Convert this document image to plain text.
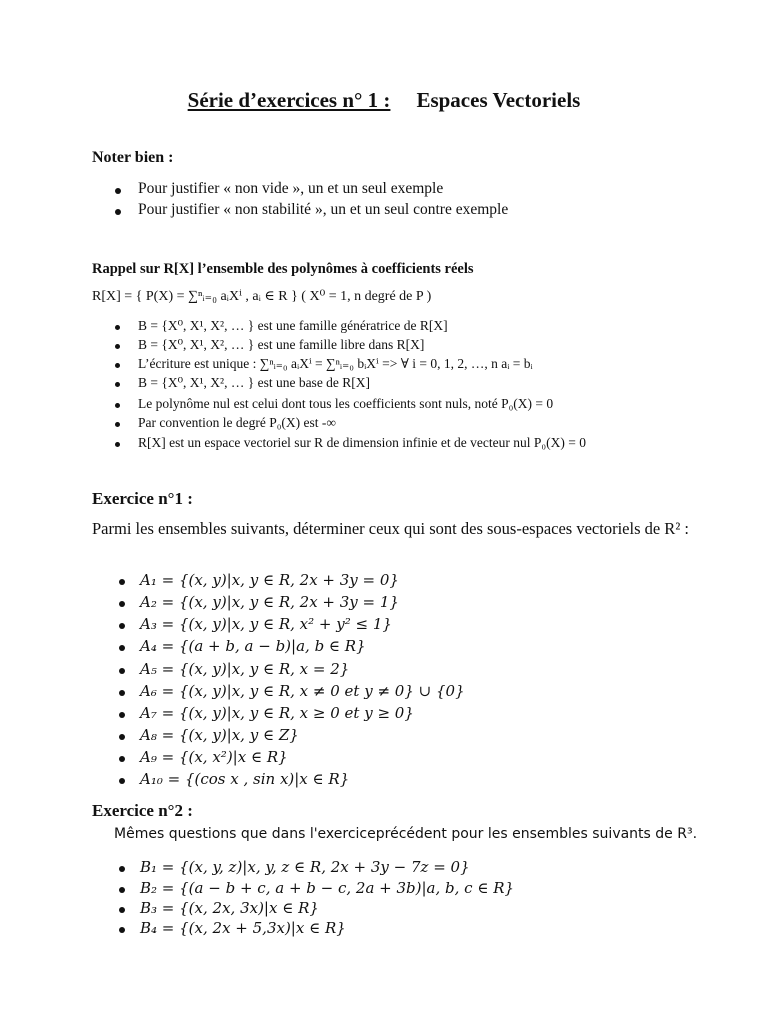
Série d’exercices n° 1 : Espaces Vectoriels
Noter bien :
Pour justifier « non vide », un et un seul exemple
Pour justifier « non stabilité », un et un seul contre exemple
Rappel sur R[X] l’ensemble des polynômes à coefficients réels
R[X] = { P(X) = ∑ⁿᵢ₌₀ aᵢXⁱ , aᵢ ∈ R } ( X⁰ = 1, n degré de P )
B = {X⁰, X¹, X², … } est une famille génératrice de R[X]
B = {X⁰, X¹, X², … } est une famille libre dans R[X]
L’écriture est unique : ∑ⁿᵢ₌₀ aᵢXⁱ = ∑ⁿᵢ₌₀ bᵢXⁱ => ∀ i = 0, 1, 2, …, n aᵢ = bᵢ
B = {X⁰, X¹, X², … } est une base de R[X]
Le polynôme nul est celui dont tous les coefficients sont nuls, noté P₀(X) = 0
Par convention le degré P₀(X) est -∞
R[X] est un espace vectoriel sur R de dimension infinie et de vecteur nul P₀(X) = 0
Exercice n°1 :
Parmi les ensembles suivants, déterminer ceux qui sont des sous-espaces vectoriels de R² :
A₁ = {(x, y)|x, y ∈ R, 2x + 3y = 0}
A₂ = {(x, y)|x, y ∈ R, 2x + 3y = 1}
A₃ = {(x, y)|x, y ∈ R, x² + y² ≤ 1}
A₄ = {(a + b, a − b)|a, b ∈ R}
A₅ = {(x, y)|x, y ∈ R, x = 2}
A₆ = {(x, y)|x, y ∈ R, x ≠ 0 et y ≠ 0} ∪ {0}
A₇ = {(x, y)|x, y ∈ R, x ≥ 0 et y ≥ 0}
A₈ = {(x, y)|x, y ∈ Z}
A₉ = {(x, x²)|x ∈ R}
A₁₀ = {(cos x , sin x)|x ∈ R}
Exercice n°2 :
Mêmes questions que dans l'exerciceprécédent pour les ensembles suivants de R³.
B₁ = {(x, y, z)|x, y, z ∈ R, 2x + 3y − 7z = 0}
B₂ = {(a − b + c, a + b − c, 2a + 3b)|a, b, c ∈ R}
B₃ = {(x, 2x, 3x)|x ∈ R}
B₄ = {(x, 2x + 5,3x)|x ∈ R}
